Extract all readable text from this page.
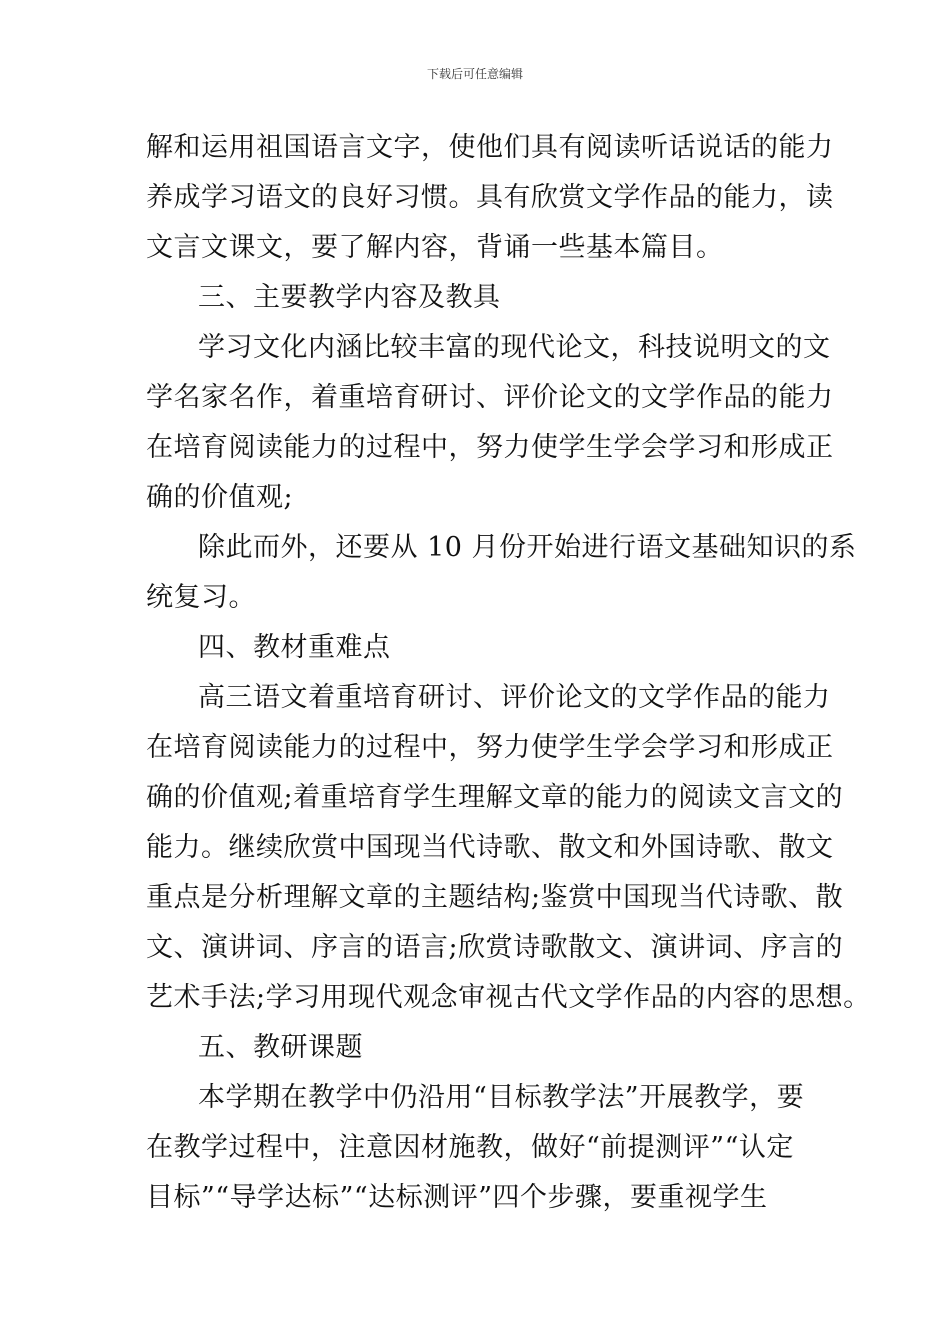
下载后可任意编辑
解和运用祖国语言文字，使他们具有阅读听话说话的能力
养成学习语文的良好习惯。具有欣赏文学作品的能力，读
文言文课文，要了解内容，背诵一些基本篇目。
三、主要教学内容及教具
学习文化内涵比较丰富的现代论文，科技说明文的文
学名家名作，着重培育研讨、评价论文的文学作品的能力
在培育阅读能力的过程中，努力使学生学会学习和形成正
确的价值观;
除此而外，还要从 10 月份开始进行语文基础知识的系
统复习。
四、教材重难点
高三语文着重培育研讨、评价论文的文学作品的能力
在培育阅读能力的过程中，努力使学生学会学习和形成正
确的价值观;着重培育学生理解文章的能力的阅读文言文的
能力。继续欣赏中国现当代诗歌、散文和外国诗歌、散文
重点是分析理解文章的主题结构;鉴赏中国现当代诗歌、散
文、演讲词、序言的语言;欣赏诗歌散文、演讲词、序言的
艺术手法;学习用现代观念审视古代文学作品的内容的思想。
五、教研课题
本学期在教学中仍沿用“目标教学法”开展教学，要
在教学过程中，注意因材施教，做好“前提测评”“认定
目标”“导学达标”“达标测评”四个步骤，要重视学生
